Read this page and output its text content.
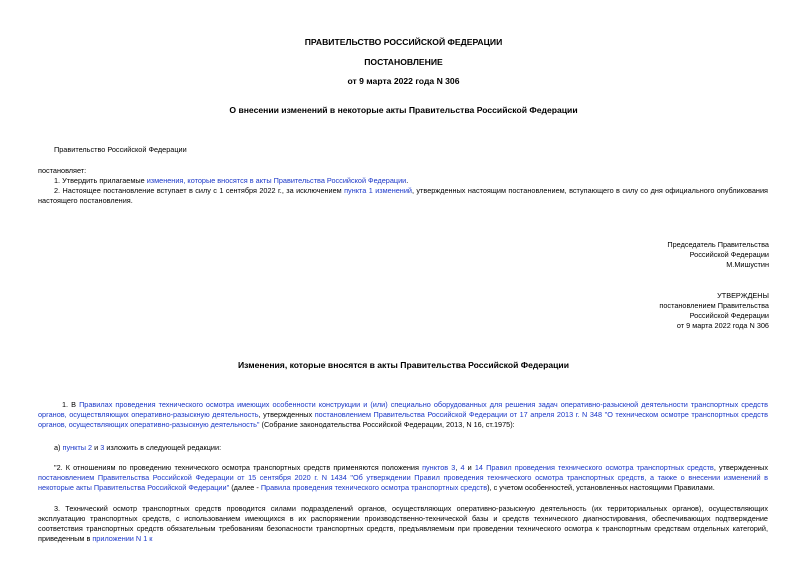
ПРАВИТЕЛЬСТВО РОССИЙСКОЙ ФЕДЕРАЦИИ
ПОСТАНОВЛЕНИЕ
от 9 марта 2022 года N 306
О внесении изменений в некоторые акты Правительства Российской Федерации
Правительство Российской Федерации
постановляет:
1. Утвердить прилагаемые изменения, которые вносятся в акты Правительства Российской Федерации.
2. Настоящее постановление вступает в силу с 1 сентября 2022 г., за исключением пункта 1 изменений, утвержденных настоящим постановлением, вступающего в силу со дня официального опубликования настоящего постановления.

Председатель Правительства

Российской Федерации

М.Мишустин

УТВЕРЖДЕНЫ

постановлением Правительства

Российской Федерации

от 9 марта 2022 года N 306

Изменения, которые вносятся в акты Правительства Российской Федерации
1. В Правилах проведения технического осмотра имеющих особенности конструкции и (или) специально оборудованных для решения задач оперативно-разыскной деятельности транспортных средств органов, осуществляющих оперативно-разыскную деятельность, утвержденных постановлением Правительства Российской Федерации от 17 апреля 2013 г. N 348 "О техническом осмотре транспортных средств органов, осуществляющих оперативно-разыскную деятельность" (Собрание законодательства Российской Федерации, 2013, N 16, ст.1975):
а) пункты 2 и 3 изложить в следующей редакции:
"2. К отношениям по проведению технического осмотра транспортных средств применяются положения пунктов 3, 4 и 14 Правил проведения технического осмотра транспортных средств, утвержденных постановлением Правительства Российской Федерации от 15 сентября 2020 г. N 1434 "Об утверждении Правил проведения технического осмотра транспортных средств, а также о внесении изменений в некоторые акты Правительства Российской Федерации" (далее - Правила проведения технического осмотра транспортных средств), с учетом особенностей, установленных настоящими Правилами.
3. Технический осмотр транспортных средств проводится силами подразделений органов, осуществляющих оперативно-разыскную деятельность (их территориальных органов), осуществляющих эксплуатацию транспортных средств, с использованием имеющихся в их распоряжении производственно-технической базы и средств технического диагностирования, обеспечивающих подтверждение соответствия транспортных средств обязательным требованиям безопасности транспортных средств, предъявляемым при проведении технического осмотра к транспортным средствам отдельных категорий, приведенным в приложении N 1 к
